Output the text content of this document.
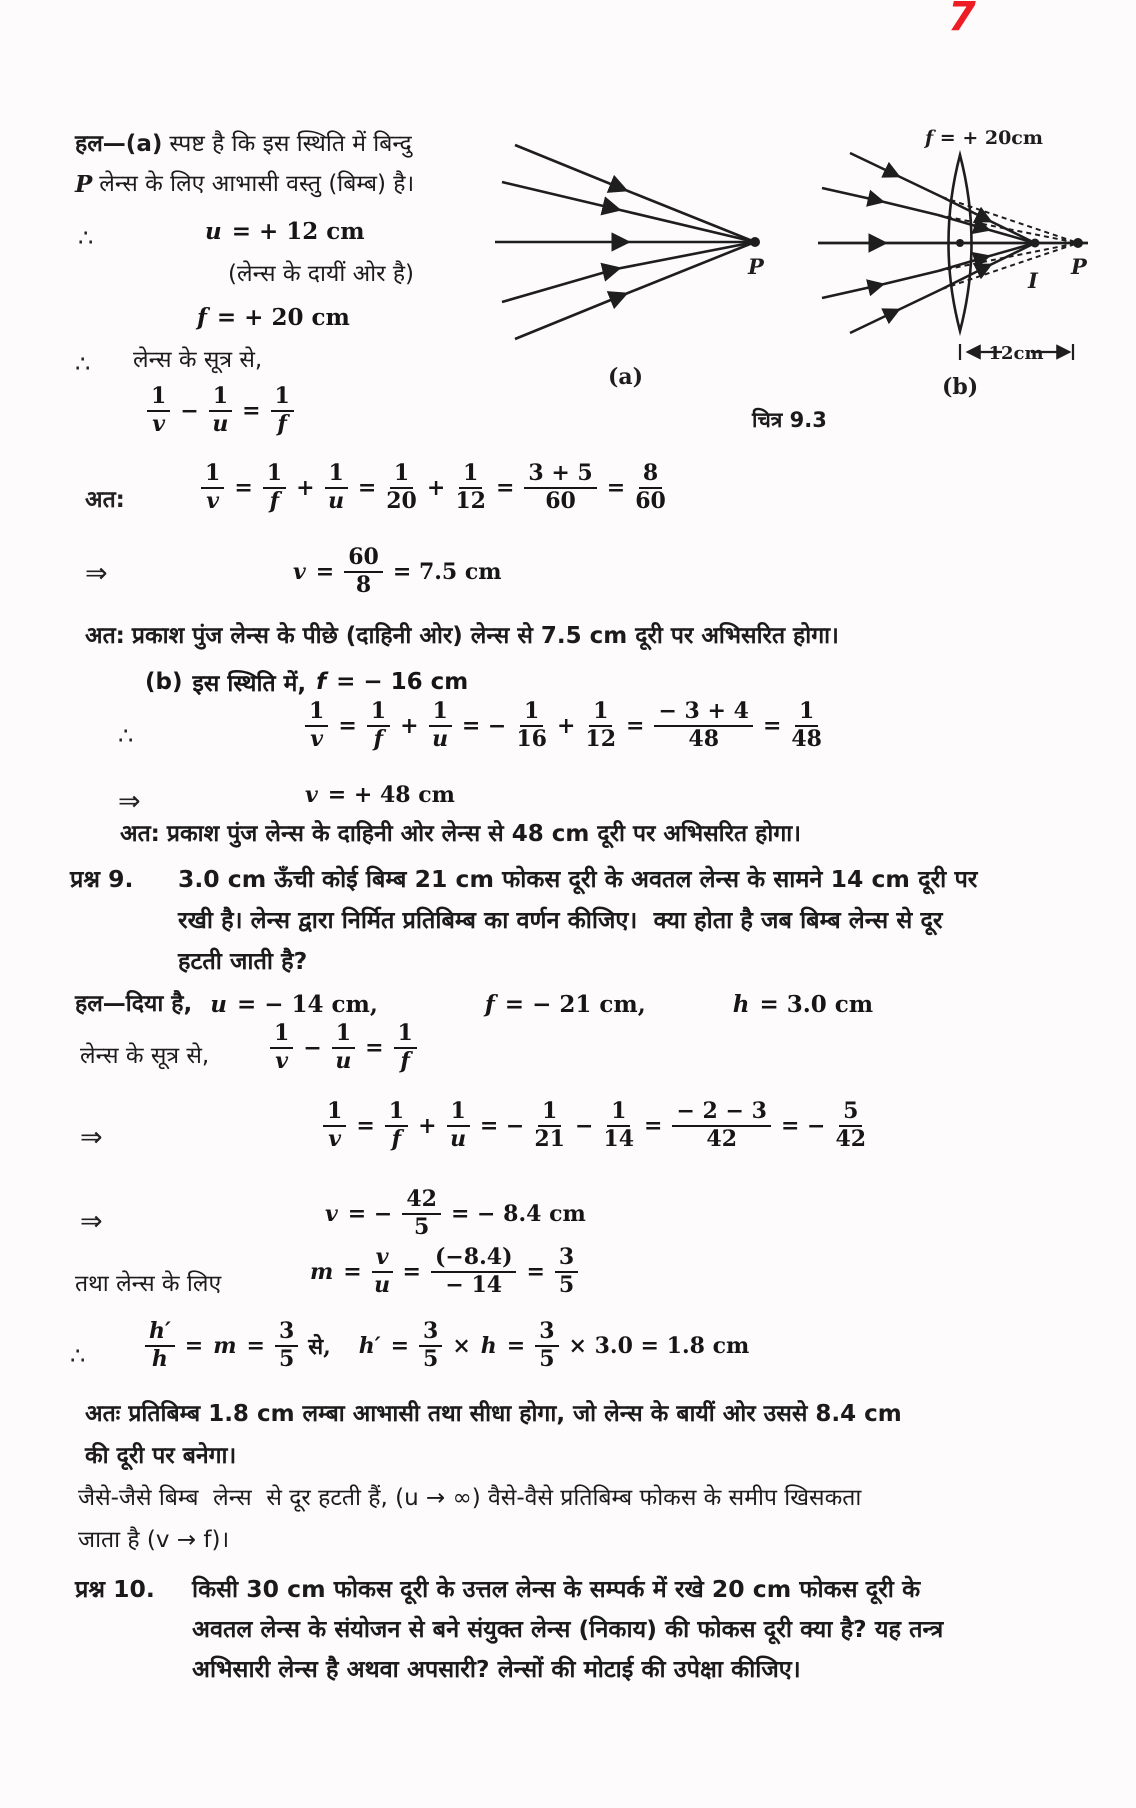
7
हल—(a) स्पष्ट है कि इस स्थिति में बिन्दु
P लेन्स के लिए आभासी वस्तु (बिम्ब) है।
∴	u = + 12 cm
(लेन्स के दायीं ओर है)
f = + 20 cm
∴ लेन्स के सूत्र से,
P
(a)
f = + 20cm
I
P
12cm
(b)
चित्र 9.3
$\frac{1}{v} - \frac{1}{u} = \frac{1}{f}$
अत:	$\frac{1}{v} = \frac{1}{f} + \frac{1}{u} = \frac{1}{20} + \frac{1}{12} = \frac{3 + 5}{60} = \frac{8}{60}$
⇒	$v = \frac{60}{8} = 7.5$ cm
अत: प्रकाश पुंज लेन्स के पीछे (दाहिनी ओर) लेन्स से 7.5 cm दूरी पर अभिसरित होगा।
(b) इस स्थिति में, f = − 16 cm
∴	$\frac{1}{v} = \frac{1}{f} + \frac{1}{u}$ = − $\frac{1}{16} + \frac{1}{12} = \frac{- 3 + 4}{48} = \frac{1}{48}$
⇒	v = + 48 cm
अत: प्रकाश पुंज लेन्स के दाहिनी ओर लेन्स से 48 cm दूरी पर अभिसरित होगा।
प्रश्न 9. 3.0 cm ऊँची कोई बिम्ब 21 cm फोकस दूरी के अवतल लेन्स के सामने 14 cm दूरी पर
रखी है। लेन्स द्वारा निर्मित प्रतिबिम्ब का वर्णन कीजिए।  क्या होता है जब बिम्ब लेन्स से दूर
हटती जाती है?
हल—दिया है, u = − 14 cm,	f = − 21 cm,	h = 3.0 cm
लेन्स के सूत्र से,	$\frac{1}{v} - \frac{1}{u} = \frac{1}{f}$
⇒	$\frac{1}{v} = \frac{1}{f} + \frac{1}{u}$ = − $\frac{1}{21} - \frac{1}{14} = \frac{- 2 - 3}{42}$ = − $\frac{5}{42}$
⇒	v = − $\frac{42}{5}$ = − 8.4 cm
तथा लेन्स के लिए	$m = \frac{v}{u} = \frac{(-8.4)}{- 14} = \frac{3}{5}$
∴	$\frac{h'}{h} = m = \frac{3}{5}$ से, $h' = \frac{3}{5} \times h = \frac{3}{5} \times 3.0 = 1.8$ cm
अतः प्रतिबिम्ब 1.8 cm लम्बा आभासी तथा सीधा होगा, जो लेन्स के बायीं ओर उससे 8.4 cm
की दूरी पर बनेगा।
जैसे-जैसे बिम्ब  लेन्स  से दूर हटती हैं, (u → ∞) वैसे-वैसे प्रतिबिम्ब फोकस के समीप खिसकता
जाता है (v → f)।
प्रश्न 10. किसी 30 cm फोकस दूरी के उत्तल लेन्स के सम्पर्क में रखे 20 cm फोकस दूरी के
अवतल लेन्स के संयोजन से बने संयुक्त लेन्स (निकाय) की फोकस दूरी क्या है? यह तन्त्र
अभिसारी लेन्स है अथवा अपसारी? लेन्सों की मोटाई की उपेक्षा कीजिए।
